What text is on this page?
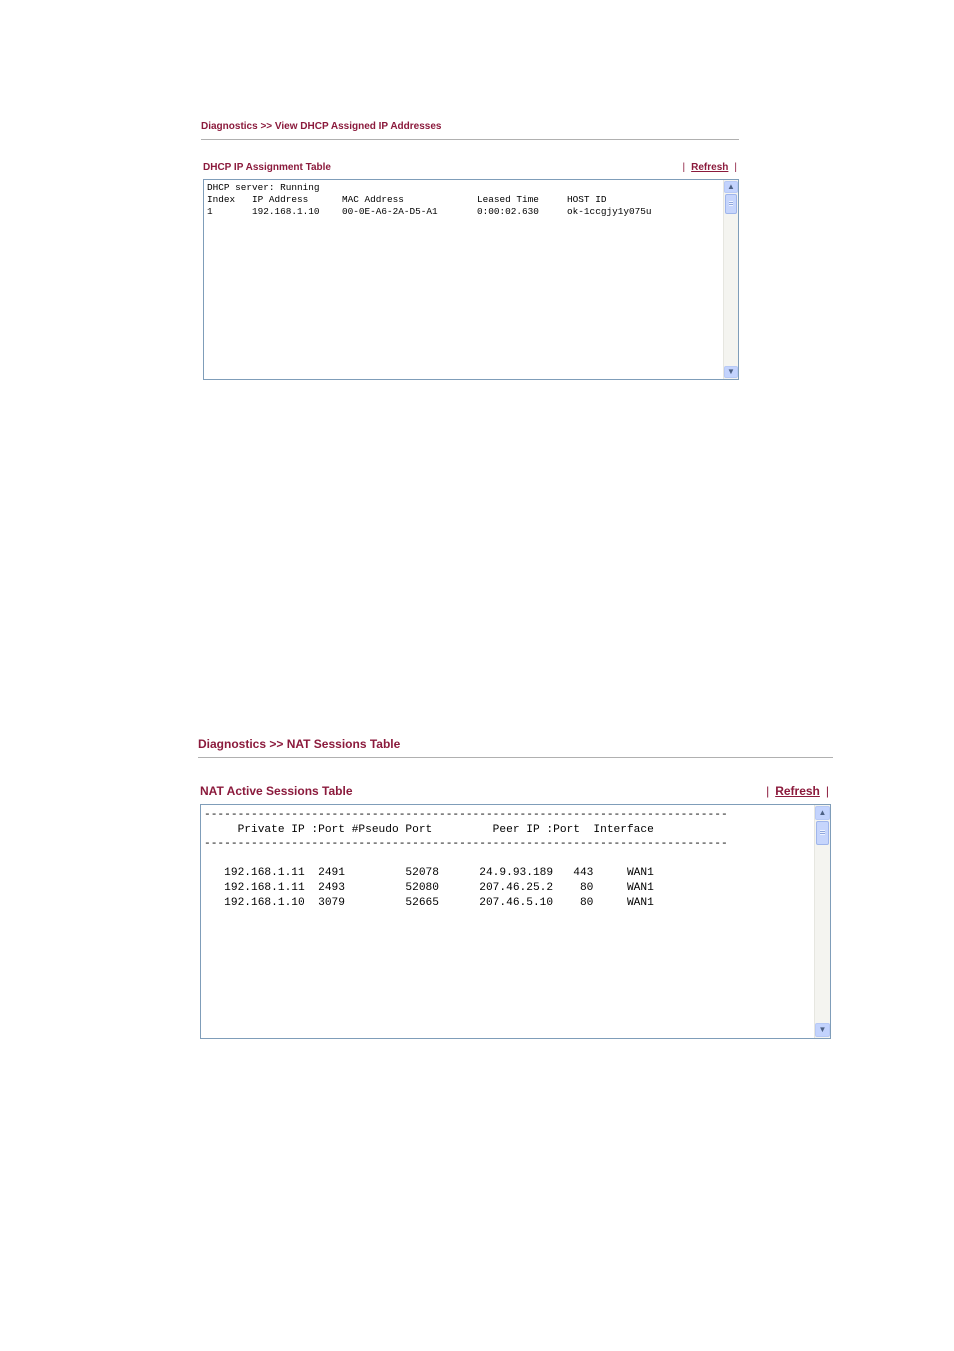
Diagnostics >> View DHCP Assigned IP Addresses
DHCP IP Assignment Table	| Refresh |
DHCP server: Running
Index   IP Address      MAC Address             Leased Time     HOST ID
1       192.168.1.10    00-0E-A6-2A-D5-A1       0:00:02.630     ok-1ccgjy1y075u
▲
▼
Diagnostics >> NAT Sessions Table
NAT Active Sessions Table	| Refresh |
------------------------------------------------------------------------------
Private IP :Port #Pseudo Port         Peer IP :Port  Interface
------------------------------------------------------------------------------

192.168.1.11  2491         52078      24.9.93.189   443     WAN1
192.168.1.11  2493         52080      207.46.25.2    80     WAN1
192.168.1.10  3079         52665      207.46.5.10    80     WAN1
▲
▼
